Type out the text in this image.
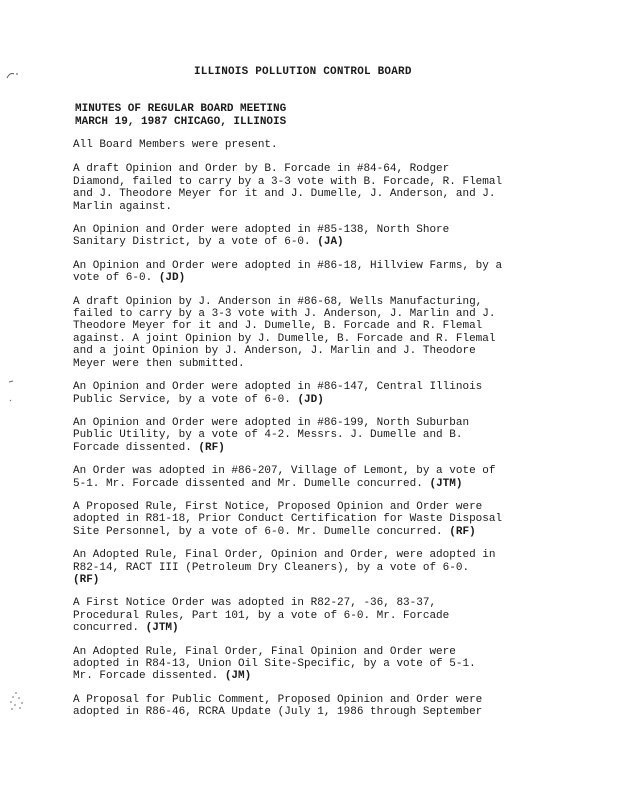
ILLINOIS POLLUTION CONTROL BOARD
MINUTES OF REGULAR BOARD MEETING
MARCH 19, 1987 CHICAGO, ILLINOIS

All Board Members were present.

A draft Opinion and Order by B. Forcade in #84-64, Rodger
Diamond, failed to carry by a 3-3 vote with B. Forcade, R. Flemal
and J. Theodore Meyer for it and J. Dumelle, J. Anderson, and J.
Marlin against.

An Opinion and Order were adopted in #85-138, North Shore
Sanitary District, by a vote of 6-0. (JA)

An Opinion and Order were adopted in #86-18, Hillview Farms, by a
vote of 6-0. (JD)

A draft Opinion by J. Anderson in #86-68, Wells Manufacturing,
failed to carry by a 3-3 vote with J. Anderson, J. Marlin and J.
Theodore Meyer for it and J. Dumelle, B. Forcade and R. Flemal
against. A joint Opinion by J. Dumelle, B. Forcade and R. Flemal
and a joint Opinion by J. Anderson, J. Marlin and J. Theodore
Meyer were then submitted.

An Opinion and Order were adopted in #86-147, Central Illinois
Public Service, by a vote of 6-0. (JD)

An Opinion and Order were adopted in #86-199, North Suburban
Public Utility, by a vote of 4-2. Messrs. J. Dumelle and B.
Forcade dissented. (RF)

An Order was adopted in #86-207, Village of Lemont, by a vote of
5-1. Mr. Forcade dissented and Mr. Dumelle concurred. (JTM)

A Proposed Rule, First Notice, Proposed Opinion and Order were
adopted in R81-18, Prior Conduct Certification for Waste Disposal
Site Personnel, by a vote of 6-0. Mr. Dumelle concurred. (RF)

An Adopted Rule, Final Order, Opinion and Order, were adopted in
R82-14, RACT III (Petroleum Dry Cleaners), by a vote of 6-0.
(RF)

A First Notice Order was adopted in R82-27, -36, 83-37,
Procedural Rules, Part 101, by a vote of 6-0. Mr. Forcade
concurred. (JTM)

An Adopted Rule, Final Order, Final Opinion and Order were
adopted in R84-13, Union Oil Site-Specific, by a vote of 5-1.
Mr. Forcade dissented. (JM)

A Proposal for Public Comment, Proposed Opinion and Order were
adopted in R86-46, RCRA Update (July 1, 1986 through September
